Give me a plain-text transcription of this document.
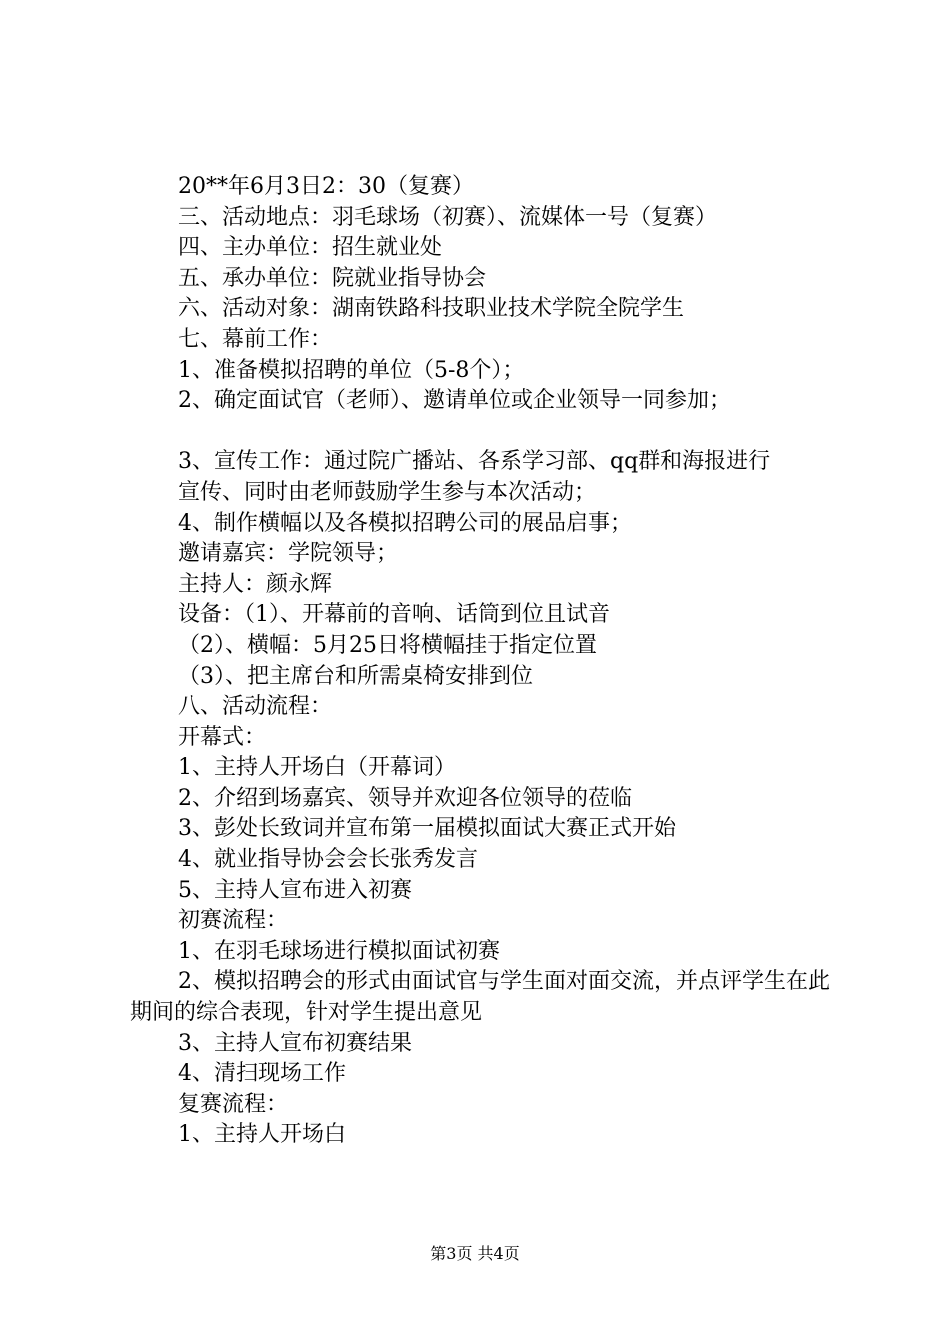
20**年6月3日2：30（复赛）
三、活动地点：羽毛球场（初赛）、流媒体一号（复赛）
四、主办单位：招生就业处
五、承办单位：院就业指导协会
六、活动对象：湖南铁路科技职业技术学院全院学生
七、幕前工作：
1、准备模拟招聘的单位（5-8个）；
2、确定面试官（老师）、邀请单位或企业领导一同参加；
3、宣传工作：通过院广播站、各系学习部、qq群和海报进行
宣传、同时由老师鼓励学生参与本次活动；
4、制作横幅以及各模拟招聘公司的展品启事；
邀请嘉宾：学院领导；
主持人：颜永辉
设备：（1）、开幕前的音响、话筒到位且试音
（2）、横幅：5月25日将横幅挂于指定位置
（3）、把主席台和所需桌椅安排到位
八、活动流程：
开幕式：
1、主持人开场白（开幕词）
2、介绍到场嘉宾、领导并欢迎各位领导的莅临
3、彭处长致词并宣布第一届模拟面试大赛正式开始
4、就业指导协会会长张秀发言
5、主持人宣布进入初赛
初赛流程：
1、在羽毛球场进行模拟面试初赛
2、模拟招聘会的形式由面试官与学生面对面交流，并点评学生在此期间的综合表现，针对学生提出意见
3、主持人宣布初赛结果
4、清扫现场工作
复赛流程：
1、主持人开场白
第3页 共4页
